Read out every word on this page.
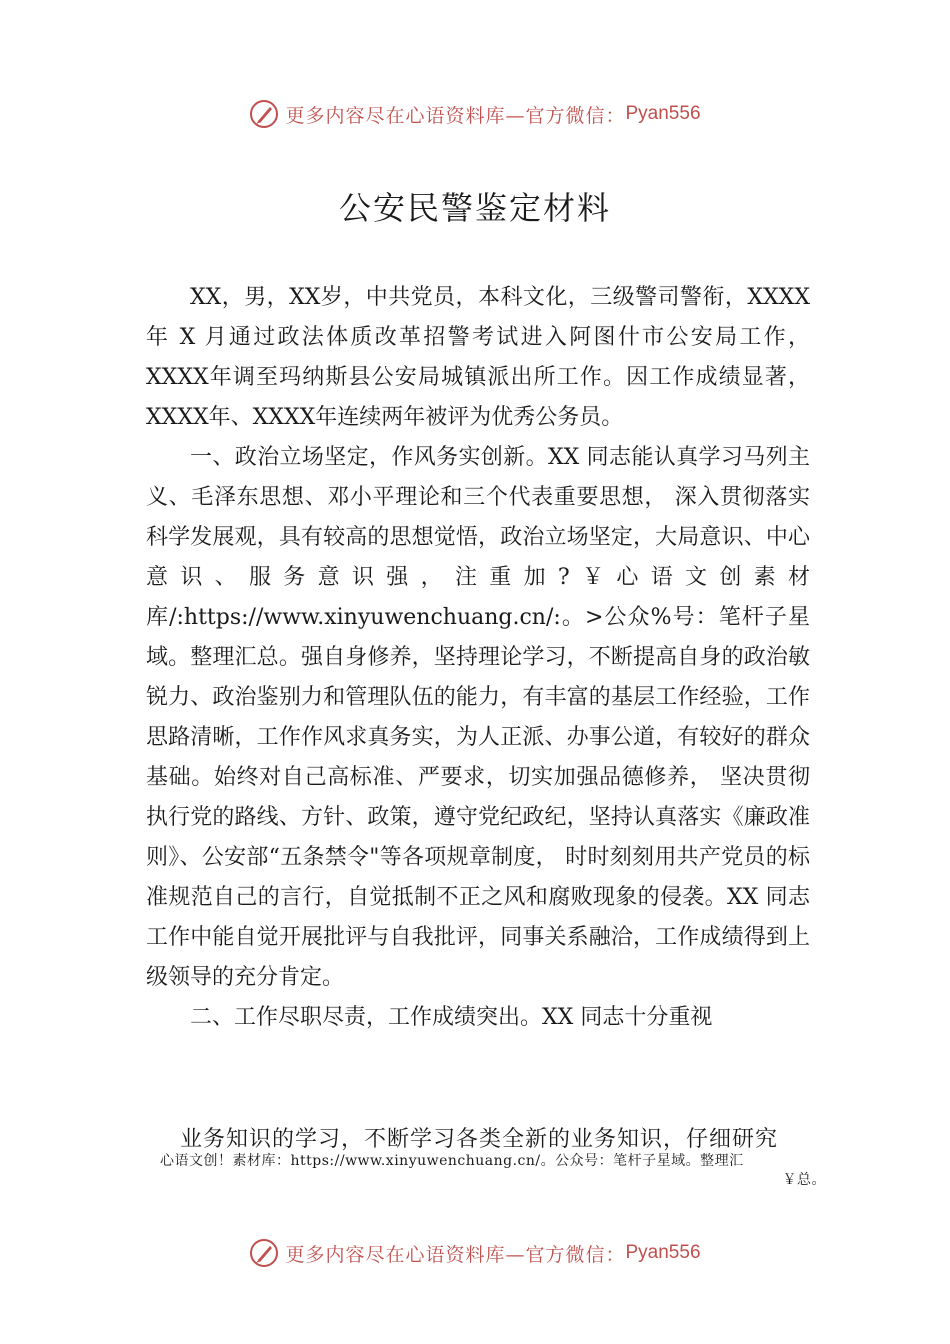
更多内容尽在心语资料库—官方微信： Pyan556
公安民警鉴定材料

XX，男，XX岁，中共党员，本科文化，三级警司警衔，XXXX 年 X 月通过政法体质改革招警考试进入阿图什市公安局工作，XXXX年调至玛纳斯县公安局城镇派出所工作。因工作成绩显著，XXXX年、XXXX年连续两年被评为优秀公务员。

一、政治立场坚定，作风务实创新。XX 同志能认真学习马列主义、毛泽东思想、邓小平理论和三个代表重要思想， 深入贯彻落实科学发展观，具有较高的思想觉悟，政治立场坚定，大局意识、中心意识、服务意识强，注重加?￥心语文创素材库/:https://www.xinyuwenchuang.cn/:。>公众%号：笔杆子星域。整理汇总。强自身修养，坚持理论学习，不断提高自身的政治敏锐力、政治鉴别力和管理队伍的能力，有丰富的基层工作经验，工作思路清晰，工作作风求真务实，为人正派、办事公道，有较好的群众基础。始终对自己高标准、严要求，切实加强品德修养， 坚决贯彻执行党的路线、方针、政策，遵守党纪政纪，坚持认真落实《廉政准则》、公安部“五条禁令"等各项规章制度， 时时刻刻用共产党员的标准规范自己的言行，自觉抵制不正之风和腐败现象的侵袭。XX 同志工作中能自觉开展批评与自我批评，同事关系融洽，工作成绩得到上级领导的充分肯定。

二、工作尽职尽责，工作成绩突出。XX 同志十分重视

业务知识的学习，不断学习各类全新的业务知识，仔细研究
心语文创！素材库：https://www.xinyuwenchuang.cn/。公众号：笔杆子星域。整理汇
￥总。
更多内容尽在心语资料库—官方微信： Pyan556
